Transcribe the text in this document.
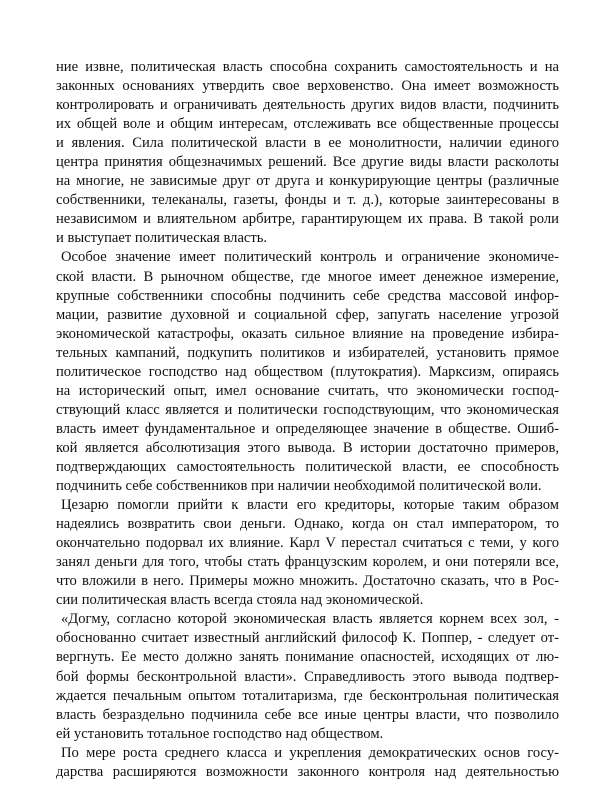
ние извне, политическая власть способна сохранить самостоятельность и на
законных основаниях утвердить свое верховенство. Она имеет возможность
контролировать и ограничивать деятельность других видов власти, подчинить
их общей воле и общим интересам, отслеживать все общественные процессы
и явления. Сила политической власти в ее монолитности, наличии единого
центра принятия общезначимых решений. Все другие виды власти расколоты
на многие, не зависимые друг от друга и конкурирующие центры (различные
собственники, телеканалы, газеты, фонды и т. д.), которые заинтересованы в
независимом и влиятельном арбитре, гарантирующем их права. В такой роли
и выступает политическая власть.

Особое значение имеет политический контроль и ограничение экономиче-
ской власти. В рыночном обществе, где многое имеет денежное измерение,
крупные собственники способны подчинить себе средства массовой инфор-
мации, развитие духовной и социальной сфер, запугать население угрозой
экономической катастрофы, оказать сильное влияние на проведение избира-
тельных кампаний, подкупить политиков и избирателей, установить прямое
политическое господство над обществом (плутократия). Марксизм, опираясь
на исторический опыт, имел основание считать, что экономически господ-
ствующий класс является и политически господствующим, что экономическая
власть имеет фундаментальное и определяющее значение в обществе. Ошиб-
кой является абсолютизация этого вывода. В истории достаточно примеров,
подтверждающих самостоятельность политической власти, ее способность
подчинить себе собственников при наличии необходимой политической воли.

Цезарю помогли прийти к власти его кредиторы, которые таким образом
надеялись возвратить свои деньги. Однако, когда он стал императором, то
окончательно подорвал их влияние. Карл V перестал считаться с теми, у кого
занял деньги для того, чтобы стать французским королем, и они потеряли все,
что вложили в него. Примеры можно множить. Достаточно сказать, что в Рос-
сии политическая власть всегда стояла над экономической.

«Догму, согласно которой экономическая власть является корнем всех зол, -
обоснованно считает известный английский философ К. Поппер, - следует от-
вергнуть. Ее место должно занять понимание опасностей, исходящих от лю-
бой формы бесконтрольной власти». Справедливость этого вывода подтвер-
ждается печальным опытом тоталитаризма, где бесконтрольная политическая
власть безраздельно подчинила себе все иные центры власти, что позволило
ей установить тотальное господство над обществом.

По мере роста среднего класса и укрепления демократических основ госу-
дарства расширяются возможности законного контроля над деятельностью
